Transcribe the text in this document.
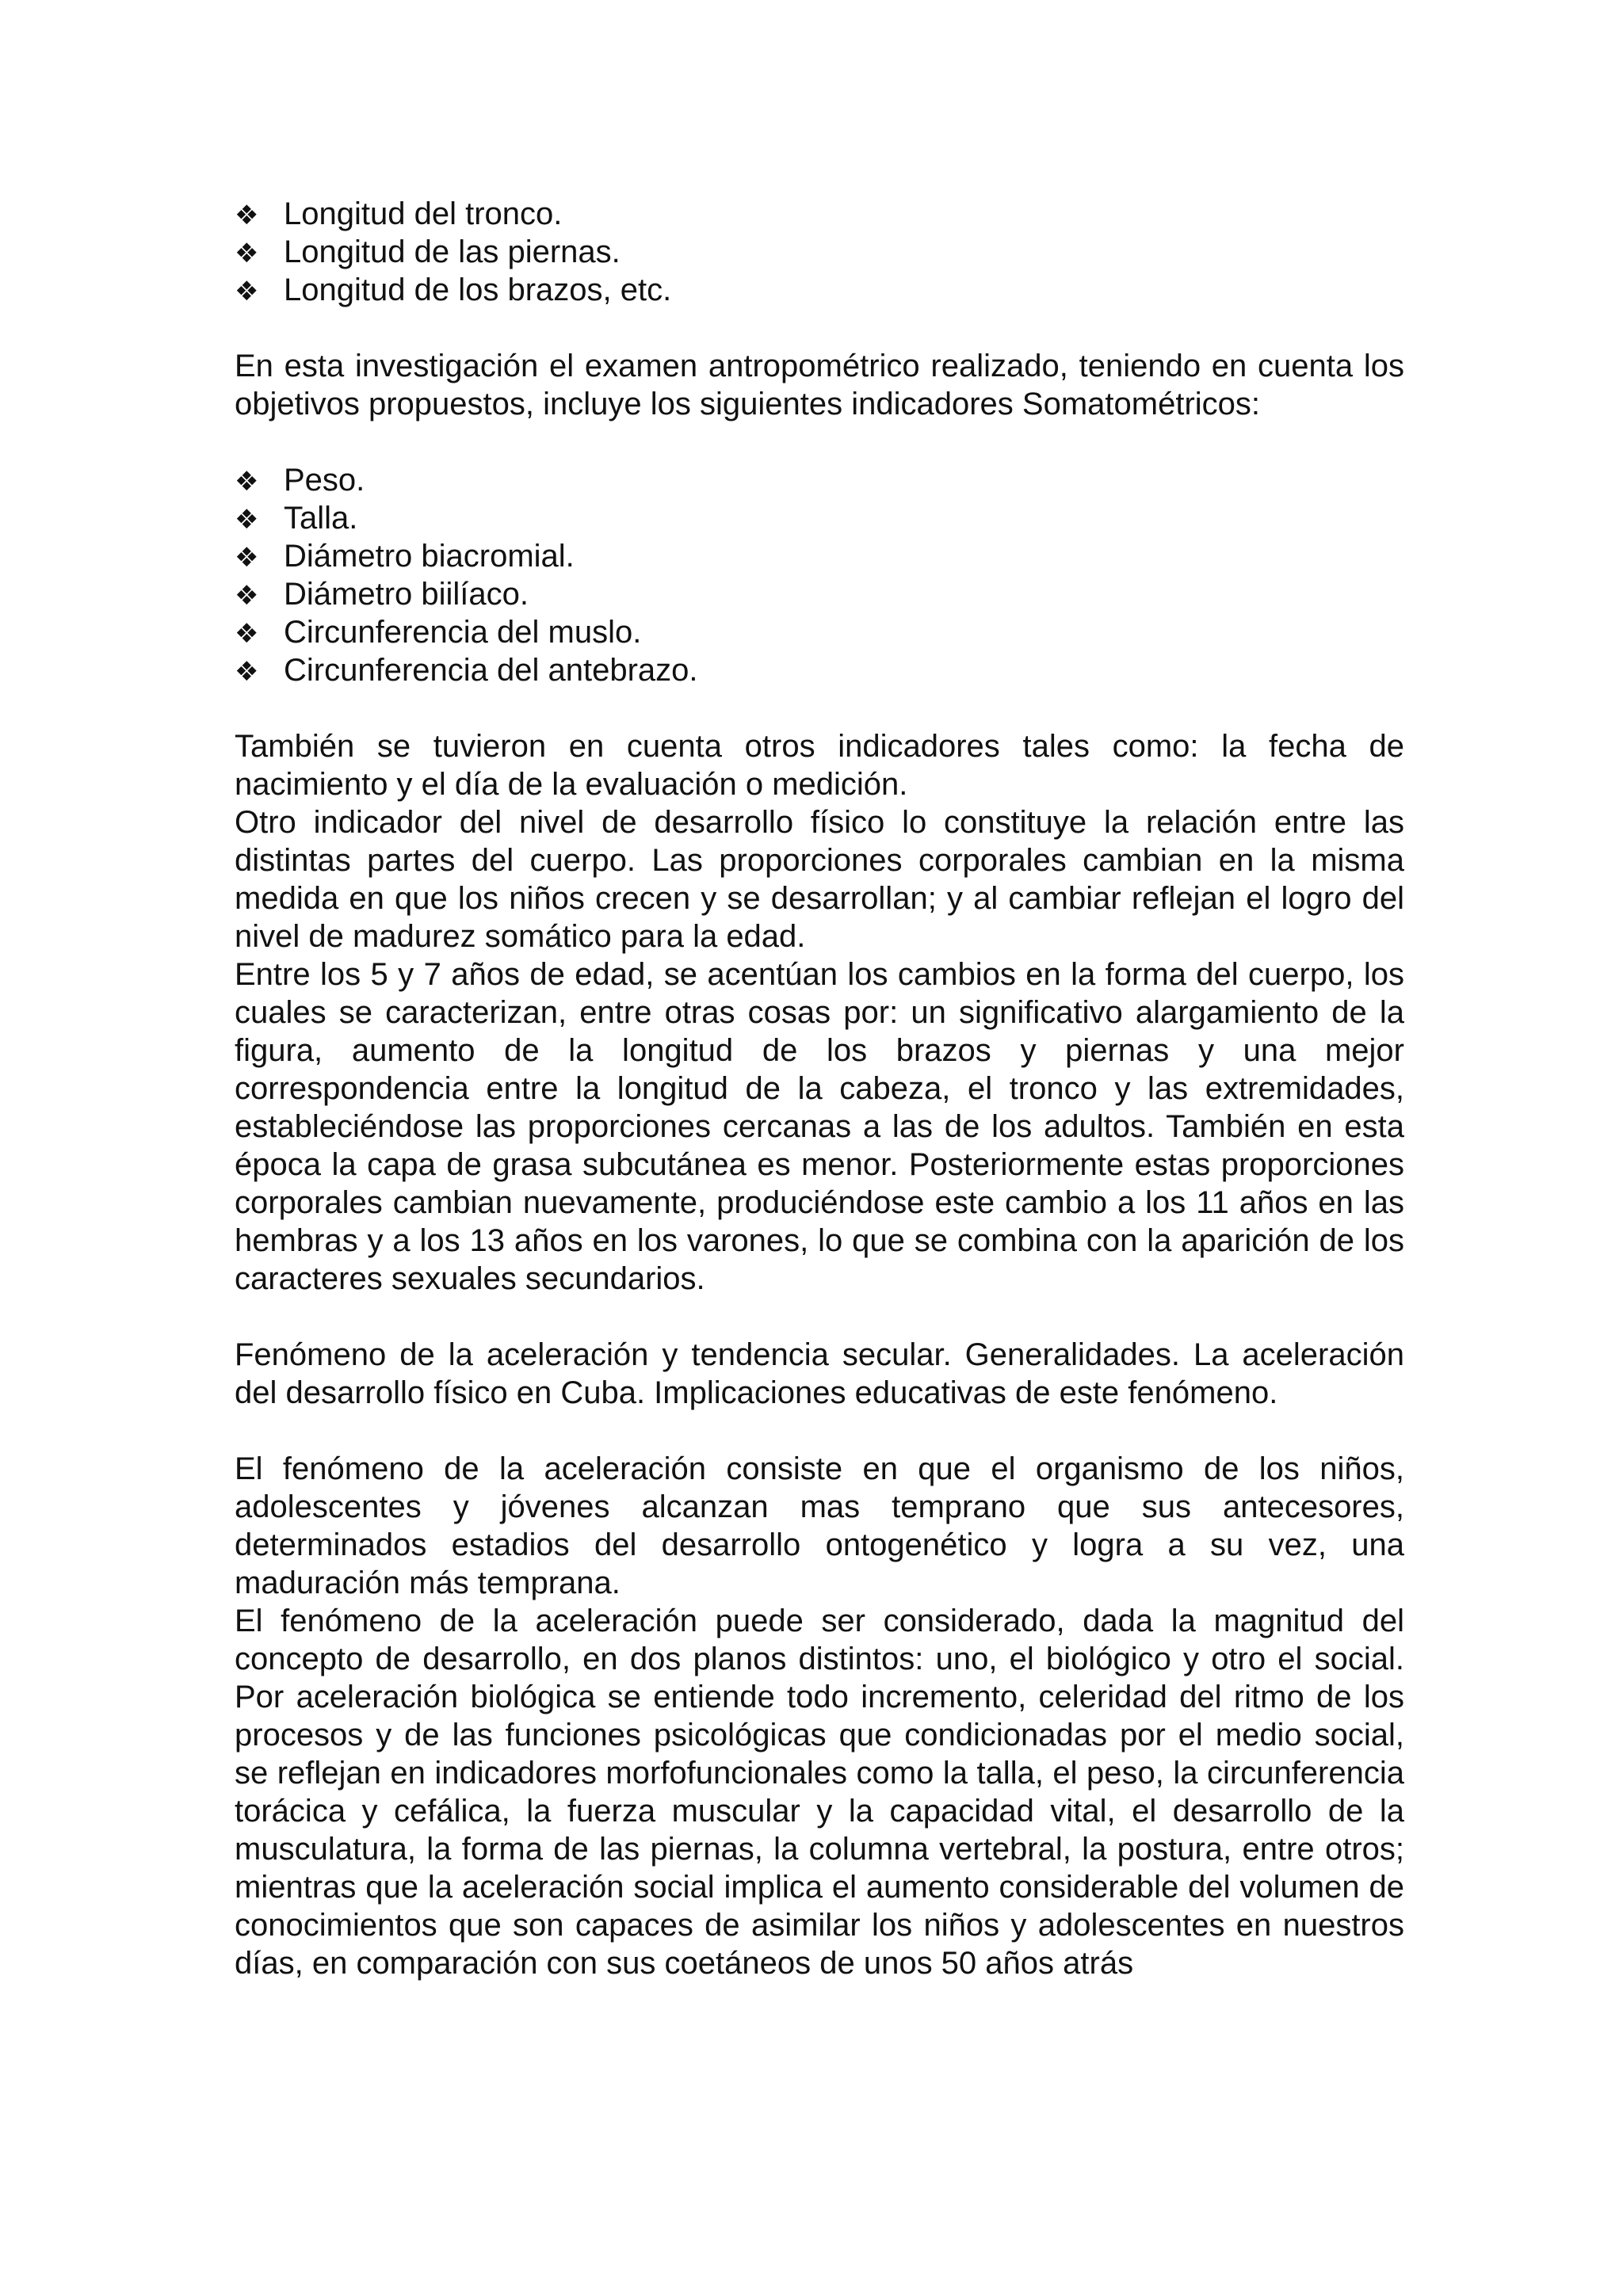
❖ Longitud del tronco.
❖ Longitud de las piernas.
❖ Longitud de los brazos, etc.

En esta investigación el examen antropométrico realizado, teniendo en cuenta los objetivos propuestos, incluye los siguientes indicadores Somatométricos:

❖ Peso.
❖ Talla.
❖ Diámetro biacromial.
❖ Diámetro biilíaco.
❖ Circunferencia del muslo.
❖ Circunferencia del antebrazo.

También se tuvieron en cuenta otros indicadores tales como: la fecha de nacimiento y el día de la evaluación o medición.

Otro indicador del nivel de desarrollo físico lo constituye la relación entre las distintas partes del cuerpo. Las proporciones corporales cambian en la misma medida en que los niños crecen y se desarrollan; y al cambiar reflejan el logro del nivel de madurez somático para la edad.

Entre los 5 y 7 años de edad, se acentúan los cambios en la forma del cuerpo, los cuales se caracterizan, entre otras cosas por: un significativo alargamiento de la figura, aumento de la longitud de los brazos y piernas y una mejor correspondencia entre la longitud de la cabeza, el tronco y las extremidades, estableciéndose las proporciones cercanas a las de los adultos. También en esta época la capa de grasa subcutánea es menor. Posteriormente estas proporciones corporales cambian nuevamente, produciéndose este cambio a los 11 años en las hembras y a los 13 años en los varones, lo que se combina con la aparición de los caracteres sexuales secundarios.

Fenómeno de la aceleración y tendencia secular. Generalidades. La aceleración del desarrollo físico en Cuba. Implicaciones educativas de este fenómeno.

El fenómeno de la aceleración consiste en que el organismo de los niños, adolescentes y jóvenes alcanzan mas temprano que sus antecesores, determinados estadios del desarrollo ontogenético y logra a su vez, una maduración más temprana.

El fenómeno de la aceleración puede ser considerado, dada la magnitud del concepto de desarrollo, en dos planos distintos: uno, el biológico y otro el social. Por aceleración biológica se entiende todo incremento, celeridad del ritmo de los procesos y de las funciones psicológicas que condicionadas por el medio social, se reflejan en indicadores morfofuncionales como la talla, el peso, la circunferencia torácica y cefálica, la fuerza muscular y la capacidad vital, el desarrollo de la musculatura, la forma de las piernas, la columna vertebral, la postura, entre otros; mientras que la aceleración social implica el aumento considerable del volumen de conocimientos que son capaces de asimilar los niños y adolescentes en nuestros días, en comparación con sus coetáneos de unos 50 años atrás
